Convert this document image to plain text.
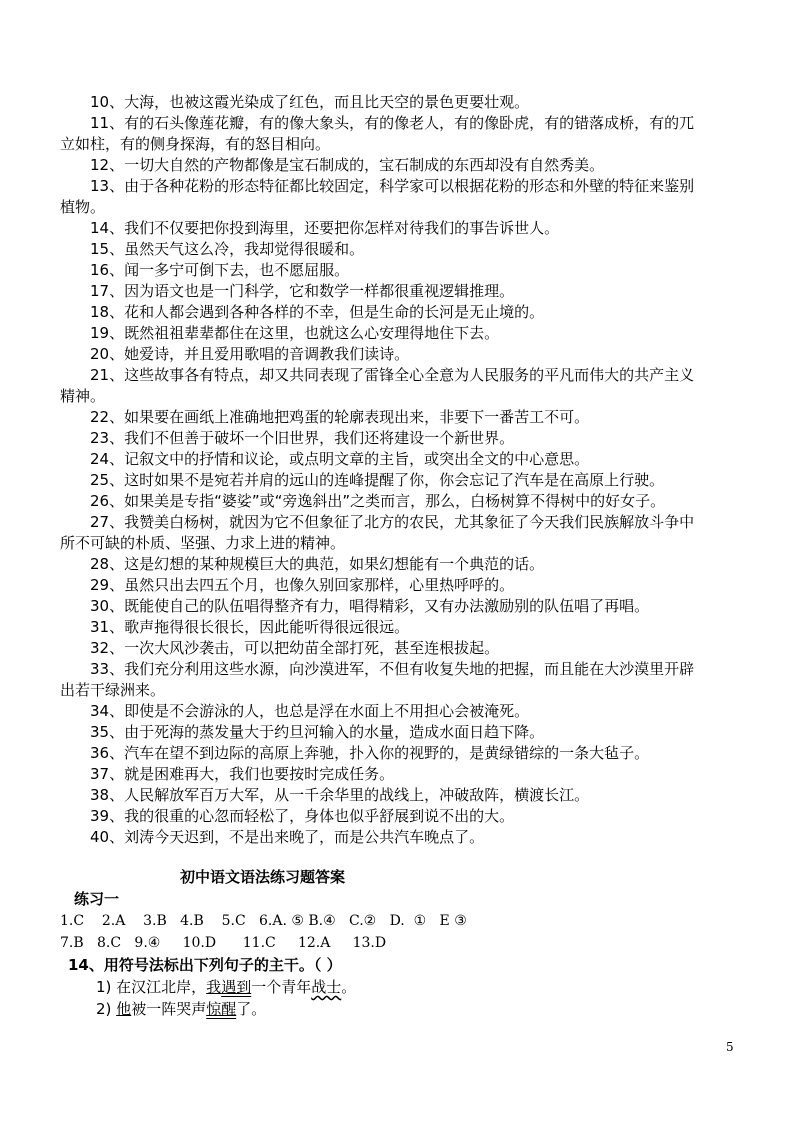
10、大海，也被这霞光染成了红色，而且比天空的景色更要壮观。

11、有的石头像莲花瓣，有的像大象头，有的像老人，有的像卧虎，有的错落成桥，有的兀

立如柱，有的侧身探海，有的怒目相向。

12、一切大自然的产物都像是宝石制成的，宝石制成的东西却没有自然秀美。

13、由于各种花粉的形态特征都比较固定，科学家可以根据花粉的形态和外壁的特征来鉴别

植物。

14、我们不仅要把你投到海里，还要把你怎样对待我们的事告诉世人。

15、虽然天气这么冷，我却觉得很暖和。

16、闻一多宁可倒下去，也不愿屈服。

17、因为语文也是一门科学，它和数学一样都很重视逻辑推理。

18、花和人都会遇到各种各样的不幸，但是生命的长河是无止境的。

19、既然祖祖辈辈都住在这里，也就这么心安理得地住下去。

20、她爱诗，并且爱用歌唱的音调教我们读诗。

21、这些故事各有特点，却又共同表现了雷锋全心全意为人民服务的平凡而伟大的共产主义

精神。

22、如果要在画纸上准确地把鸡蛋的轮廓表现出来，非要下一番苦工不可。

23、我们不但善于破坏一个旧世界，我们还将建设一个新世界。

24、记叙文中的抒情和议论，或点明文章的主旨，或突出全文的中心意思。

25、这时如果不是宛若并肩的远山的连峰提醒了你，你会忘记了汽车是在高原上行驶。

26、如果美是专指“婆娑”或“旁逸斜出”之类而言，那么，白杨树算不得树中的好女子。

27、我赞美白杨树，就因为它不但象征了北方的农民，尤其象征了今天我们民族解放斗争中

所不可缺的朴质、坚强、力求上进的精神。

28、这是幻想的某种规模巨大的典范，如果幻想能有一个典范的话。

29、虽然只出去四五个月，也像久别回家那样，心里热呼呼的。

30、既能使自己的队伍唱得整齐有力，唱得精彩，又有办法激励别的队伍唱了再唱。

31、歌声拖得很长很长，因此能听得很远很远。

32、一次大风沙袭击，可以把幼苗全部打死，甚至连根拔起。

33、我们充分利用这些水源，向沙漠进军，不但有收复失地的把握，而且能在大沙漠里开辟

出若干绿洲来。

34、即使是不会游泳的人，也总是浮在水面上不用担心会被淹死。

35、由于死海的蒸发量大于约旦河输入的水量，造成水面日趋下降。

36、汽车在望不到边际的高原上奔驰，扑入你的视野的，是黄绿错综的一条大毡子。

37、就是困难再大，我们也要按时完成任务。

38、人民解放军百万大军，从一千余华里的战线上，冲破敌阵，横渡长江。

39、我的很重的心忽而轻松了，身体也似乎舒展到说不出的大。

40、刘涛今天迟到，不是出来晚了，而是公共汽车晚点了。

初中语文语法练习题答案
练习一
1.C    2.A    3.B   4.B    5.C   6.A. ⑤ B.④   C.②   D.  ①   E ③
7.B   8.C   9.④     10.D      11.C     12.A     13.D
14、用符号法标出下列句子的主干。（ ）
1) 在汉江北岸，我遇到一个青年战士。
2) 他被一阵哭声惊醒了。
5
